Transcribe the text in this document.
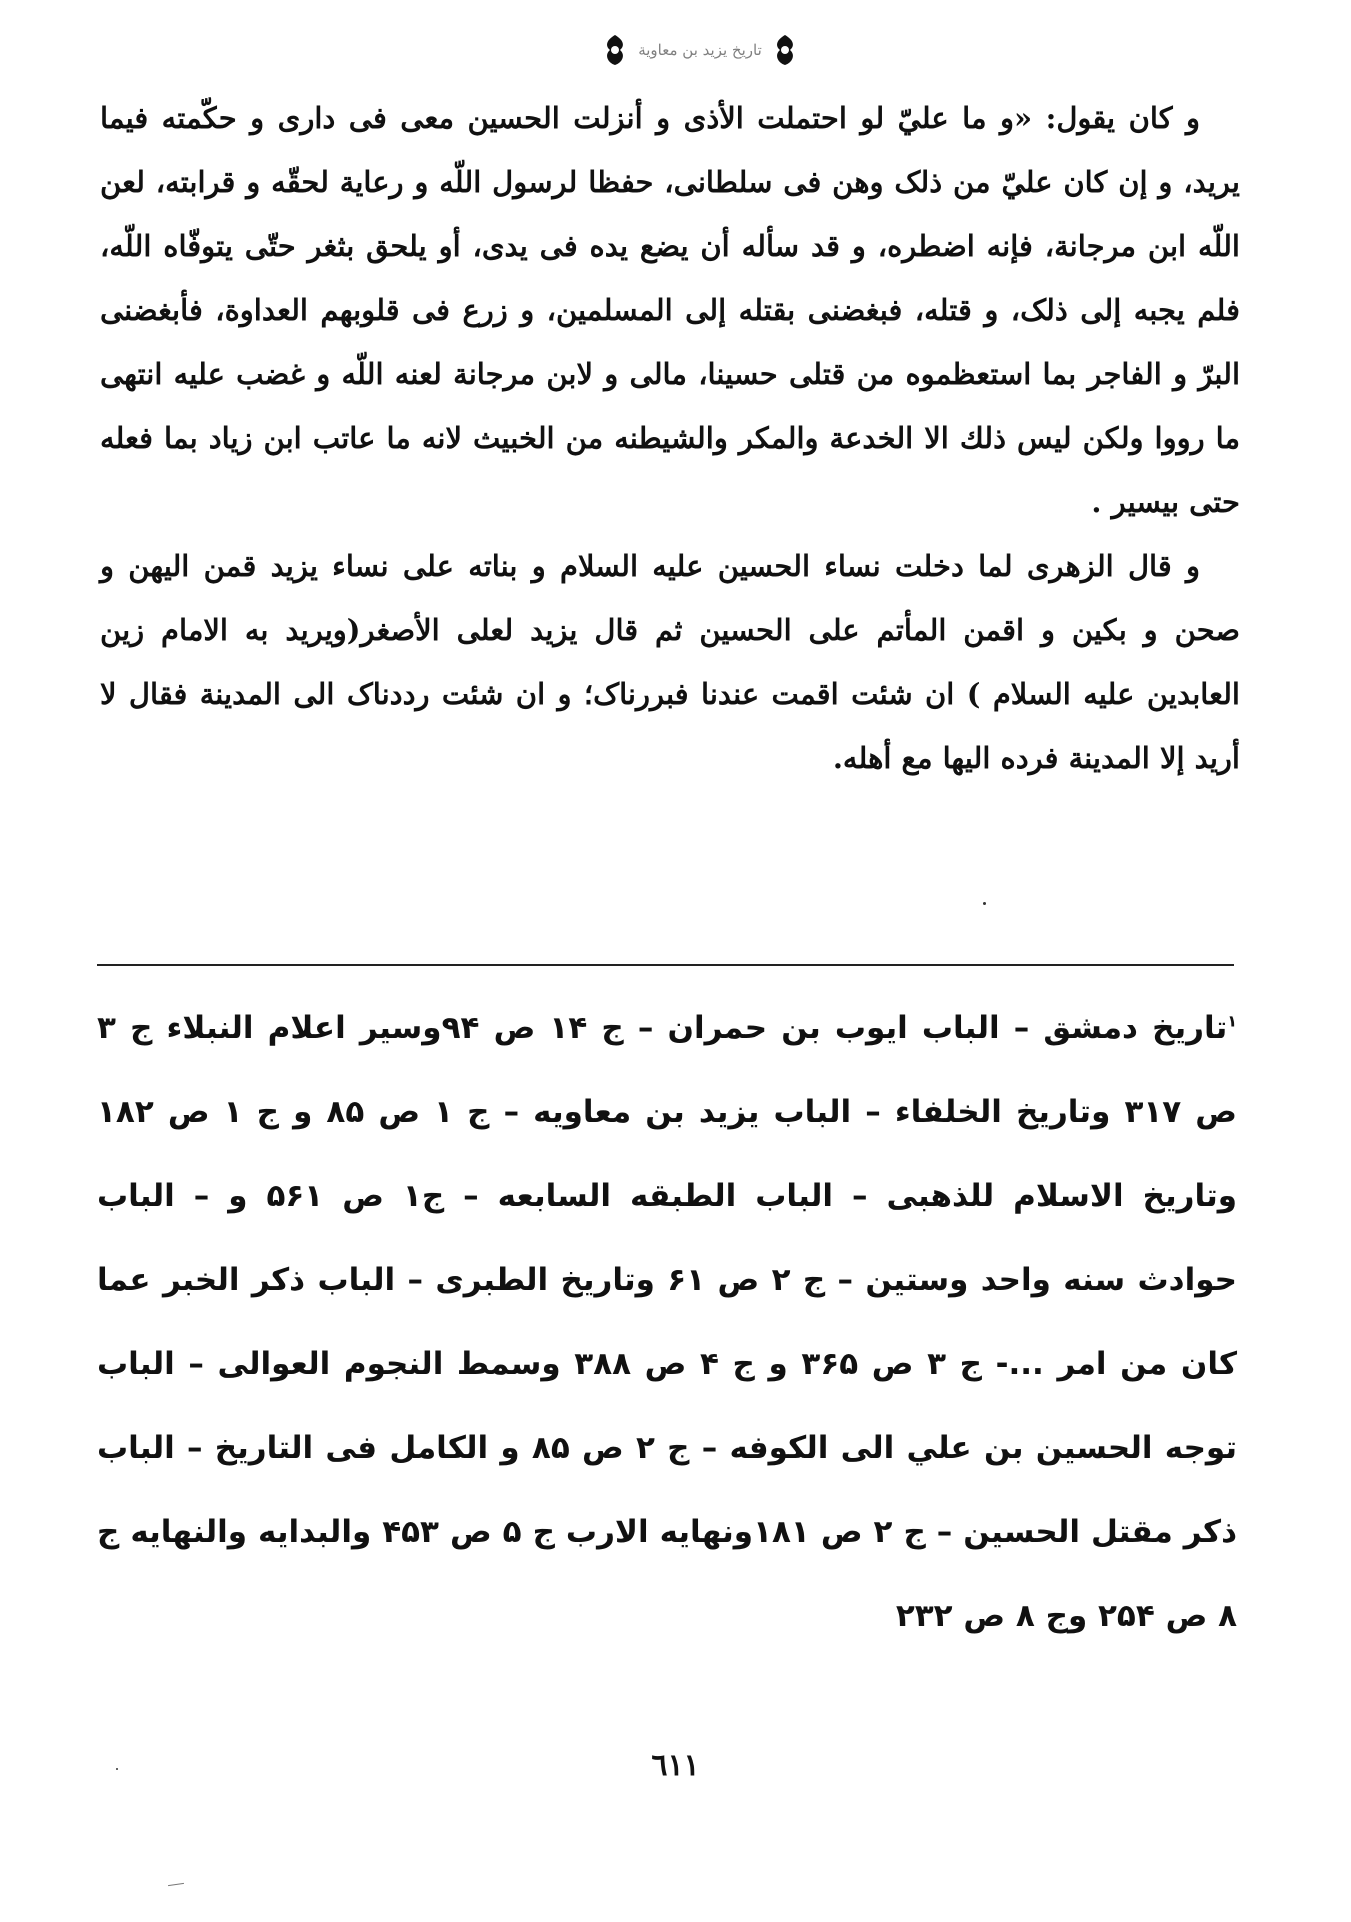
تاريخ يزيد بن معاوية

و كان يقول: «و ما عليّ لو احتملت الأذى و أنزلت الحسين معى فى دارى و حكّمته فيما يريد، و إن كان عليّ من ذلک وهن فى سلطانى، حفظا لرسول اللّه و رعاية لحقّه و قرابته، لعن اللّه ابن مرجانة، فإنه اضطره، و قد سأله أن يضع يده فى يدى، أو يلحق بثغر حتّى يتوفّاه اللّه، فلم يجبه إلى ذلک، و قتله، فبغضنى بقتله إلى المسلمين، و زرع فى قلوبهم العداوة، فأبغضنى البرّ و الفاجر بما استعظموه من قتلى حسينا، مالى و لابن مرجانة لعنه اللّه و غضب عليه انتهى ما رووا ولكن ليس ذلك الا الخدعة والمكر والشيطنه من الخبيث لانه ما عاتب ابن زياد بما فعله حتى بيسير .

و قال الزهرى لما دخلت نساء الحسين عليه السلام و بناته على نساء يزيد قمن اليهن و صحن و بكين و اقمن المأتم على الحسين ثم قال يزيد لعلى الأصغر(ويريد به الامام زين العابدين عليه السلام ) ان شئت اقمت عندنا فبررناک؛ و ان شئت رددناک الى المدينة فقال لا أريد إلا المدينة فرده اليها مع أهله.

$^١$تاريخ دمشق – الباب ايوب بن حمران – ج ١۴ ص ٩۴وسير اعلام النبلاء ج ٣ ص ٣١٧ وتاريخ الخلفاء – الباب يزيد بن معاويه – ج ١ ص ٨۵ و ج ١ ص ١٨٢ وتاريخ الاسلام للذهبى – الباب الطبقه السابعه – ج١ ص ۵۶١ و – الباب حوادث سنه واحد وستين – ج ٢ ص ۶١ وتاريخ الطبرى – الباب ذكر الخبر عما كان من امر ...- ج ٣ ص ٣۶۵ و ج ۴ ص ٣٨٨ وسمط النجوم العوالى – الباب توجه الحسين بن علي الى الكوفه – ج ٢ ص ٨۵ و الكامل فى التاريخ – الباب ذكر مقتل الحسين – ج ٢ ص ١٨١ونهايه الارب ج ۵ ص ۴۵٣ والبدايه والنهايه ج ٨ ص ٢۵۴ وج ٨ ص ٢٣٢
٦١١
